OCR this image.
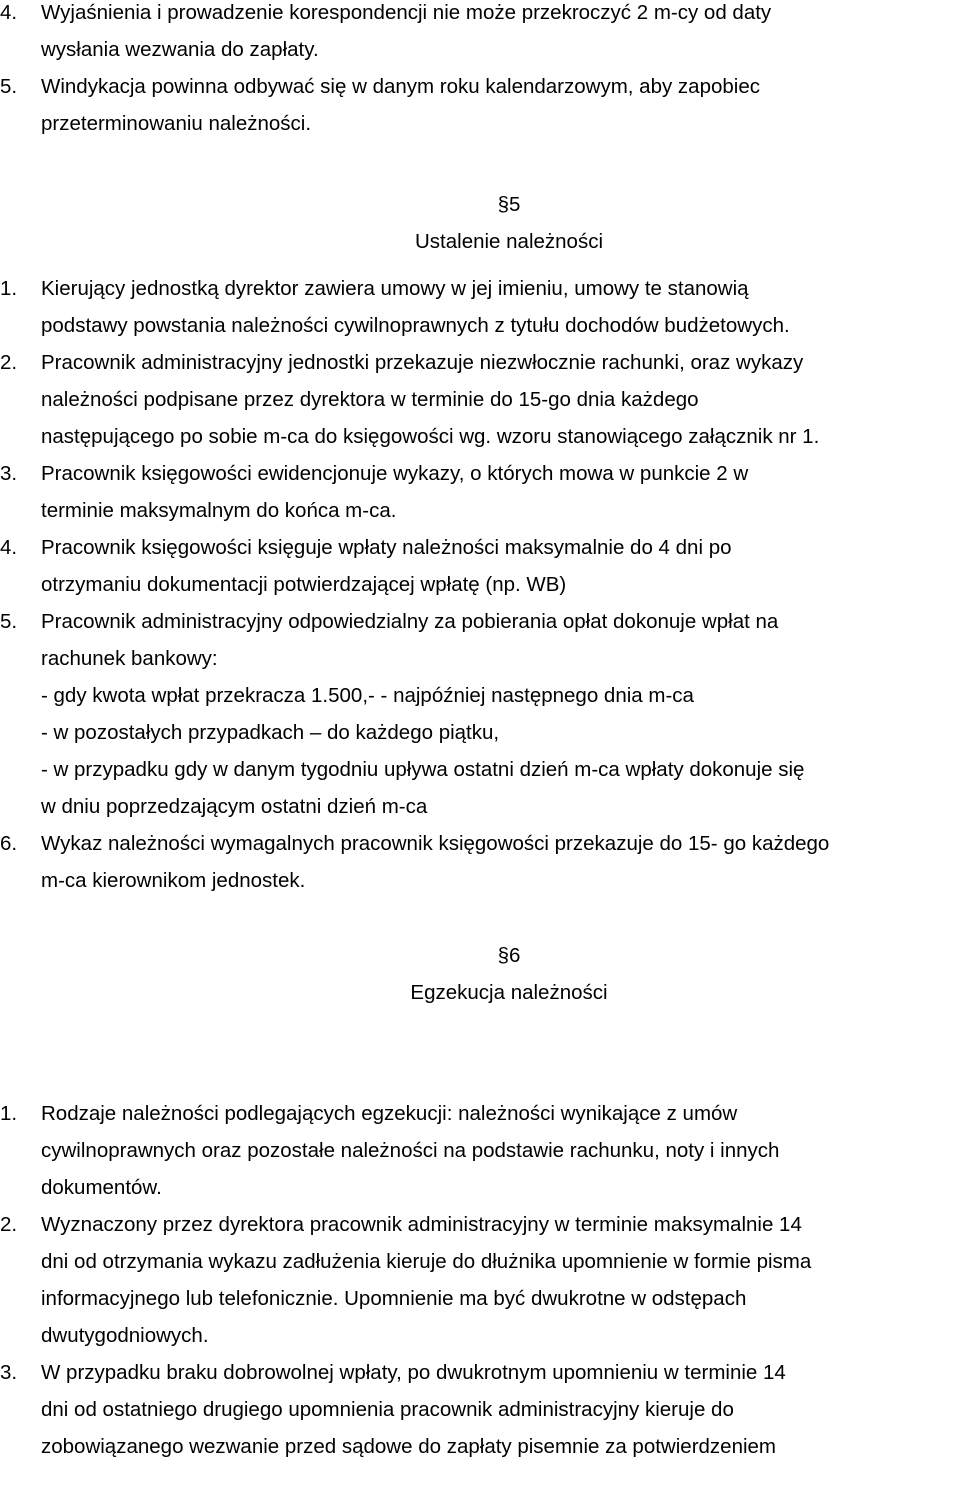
4.	Wyjaśnienia i prowadzenie korespondencji nie może przekroczyć 2 m-cy od daty
wysłania wezwania do zapłaty.
5.	Windykacja powinna odbywać się w danym roku kalendarzowym, aby zapobiec
przeterminowaniu należności.
§5
Ustalenie należności
1.	Kierujący jednostką dyrektor zawiera umowy w jej imieniu, umowy te stanowią
podstawy powstania należności cywilnoprawnych z tytułu dochodów budżetowych.
2.	Pracownik administracyjny jednostki przekazuje niezwłocznie rachunki, oraz wykazy
należności podpisane przez dyrektora w terminie do 15-go dnia każdego
następującego po sobie m-ca do księgowości wg. wzoru stanowiącego załącznik nr 1.
3.	Pracownik księgowości ewidencjonuje wykazy, o których mowa w punkcie 2 w
terminie maksymalnym do końca m-ca.
4.	Pracownik księgowości księguje wpłaty należności maksymalnie do 4 dni po
otrzymaniu dokumentacji potwierdzającej wpłatę (np. WB)
5.	Pracownik administracyjny odpowiedzialny za pobierania opłat dokonuje wpłat na
rachunek bankowy:
- gdy kwota wpłat przekracza 1.500,- - najpóźniej następnego dnia m-ca
- w pozostałych przypadkach – do każdego piątku,
- w przypadku gdy w danym tygodniu upływa ostatni dzień m-ca wpłaty dokonuje się
w dniu poprzedzającym ostatni dzień m-ca
6.	Wykaz należności wymagalnych pracownik księgowości przekazuje do 15- go każdego
m-ca kierownikom jednostek.
§6
Egzekucja należności
1.	Rodzaje należności podlegających egzekucji: należności wynikające z umów
cywilnoprawnych oraz pozostałe należności na podstawie rachunku, noty i innych
dokumentów.
2.	Wyznaczony przez dyrektora pracownik administracyjny w terminie maksymalnie 14
dni od otrzymania wykazu zadłużenia kieruje do dłużnika upomnienie w formie pisma
informacyjnego lub telefonicznie. Upomnienie ma być dwukrotne w odstępach
dwutygodniowych.
3.	W przypadku braku dobrowolnej wpłaty, po dwukrotnym upomnieniu w terminie 14
dni od ostatniego drugiego upomnienia pracownik administracyjny kieruje do
zobowiązanego wezwanie przed sądowe do zapłaty pisemnie za potwierdzeniem
